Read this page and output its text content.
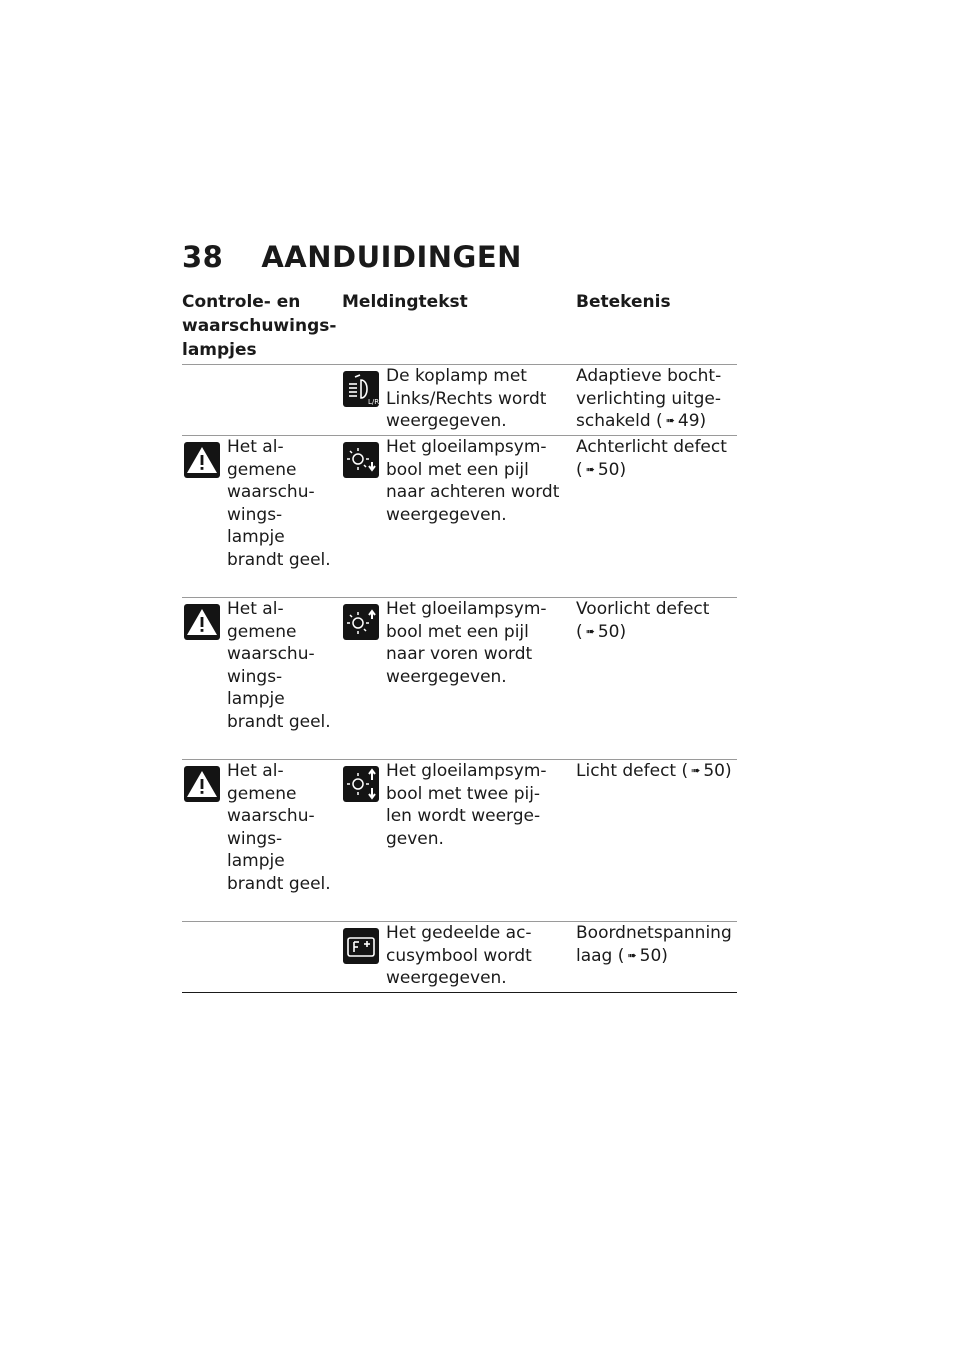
38 AANDUIDINGEN
Controle- en waarschuwings-lampjes
Meldingtekst	Betekenis
L/R
De koplamp met Links/Rechts wordt weergegeven.
Adaptieve bocht-verlichting uitge-schakeld ( ➠ 49)
Het al-gemene waarschu-wings-lampje brandt geel.
Het gloeilampsym-bool met een pijl naar achteren wordt weergegeven.
Achterlicht defect ( ➠ 50)
Het al-gemene waarschu-wings-lampje brandt geel.
Het gloeilampsym-bool met een pijl naar voren wordt weergegeven.
Voorlicht defect ( ➠ 50)
Het al-gemene waarschu-wings-lampje brandt geel.
Het gloeilampsym-bool met twee pij-len wordt weerge-geven.
Licht defect ( ➠ 50)
Het gedeelde ac-cusymbool wordt weergegeven.
Boordnetspanning laag ( ➠ 50)
